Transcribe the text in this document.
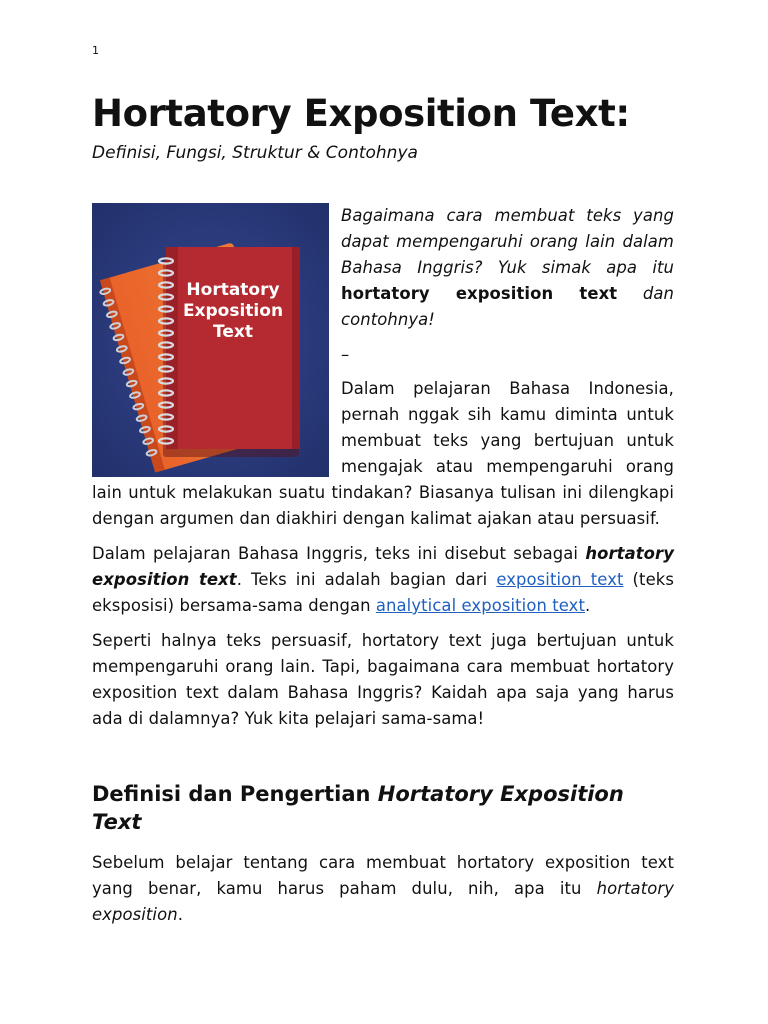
1
Hortatory Exposition Text:

Definisi, Fungsi, Struktur & Contohnya

Hortatory
Exposition
Text

Bagaimana cara membuat teks yang dapat mempengaruhi orang lain dalam Bahasa Inggris? Yuk simak apa itu hortatory exposition text dan contohnya!

–

Dalam pelajaran Bahasa Indonesia, pernah nggak sih kamu diminta untuk membuat teks yang bertujuan untuk mengajak atau mempengaruhi orang lain untuk melakukan suatu tindakan? Biasanya tulisan ini dilengkapi dengan argumen dan diakhiri dengan kalimat ajakan atau persuasif.

Dalam pelajaran Bahasa Inggris, teks ini disebut sebagai hortatory exposition text. Teks ini adalah bagian dari exposition text (teks eksposisi) bersama-sama dengan analytical exposition text.

Seperti halnya teks persuasif, hortatory text juga bertujuan untuk mempengaruhi orang lain. Tapi, bagaimana cara membuat hortatory exposition text dalam Bahasa Inggris? Kaidah apa saja yang harus ada di dalamnya? Yuk kita pelajari sama-sama!

Definisi dan Pengertian Hortatory Exposition Text

Sebelum belajar tentang cara membuat hortatory exposition text yang benar, kamu harus paham dulu, nih, apa itu hortatory exposition.
